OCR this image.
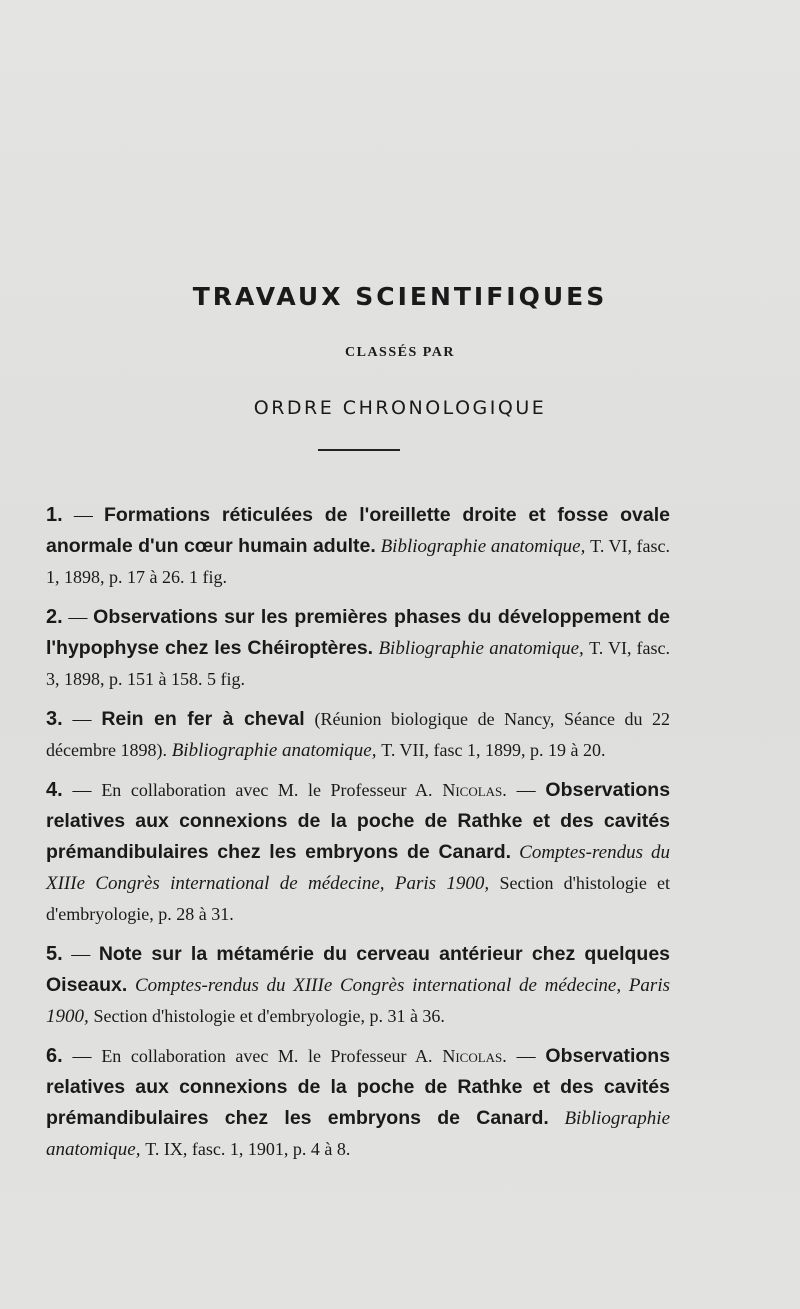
TRAVAUX SCIENTIFIQUES
CLASSÉS PAR
ORDRE CHRONOLOGIQUE
1. — Formations réticulées de l'oreillette droite et fosse ovale anormale d'un cœur humain adulte. Bibliographie anatomique, T. VI, fasc. 1, 1898, p. 17 à 26. 1 fig.
2. — Observations sur les premières phases du développement de l'hypophyse chez les Chéiroptères. Bibliographie anatomique, T. VI, fasc. 3, 1898, p. 151 à 158. 5 fig.
3. — Rein en fer à cheval (Réunion biologique de Nancy, Séance du 22 décembre 1898). Bibliographie anatomique, T. VII, fasc 1, 1899, p. 19 à 20.
4. — En collaboration avec M. le Professeur A. Nicolas. — Observations relatives aux connexions de la poche de Rathke et des cavités prémandibulaires chez les embryons de Canard. Comptes-rendus du XIIIe Congrès international de médecine, Paris 1900, Section d'histologie et d'embryologie, p. 28 à 31.
5. — Note sur la métamérie du cerveau antérieur chez quelques Oiseaux. Comptes-rendus du XIIIe Congrès international de médecine, Paris 1900, Section d'histologie et d'embryologie, p. 31 à 36.
6. — En collaboration avec M. le Professeur A. Nicolas. — Observations relatives aux connexions de la poche de Rathke et des cavités prémandibulaires chez les embryons de Canard. Bibliographie anatomique, T. IX, fasc. 1, 1901, p. 4 à 8.
